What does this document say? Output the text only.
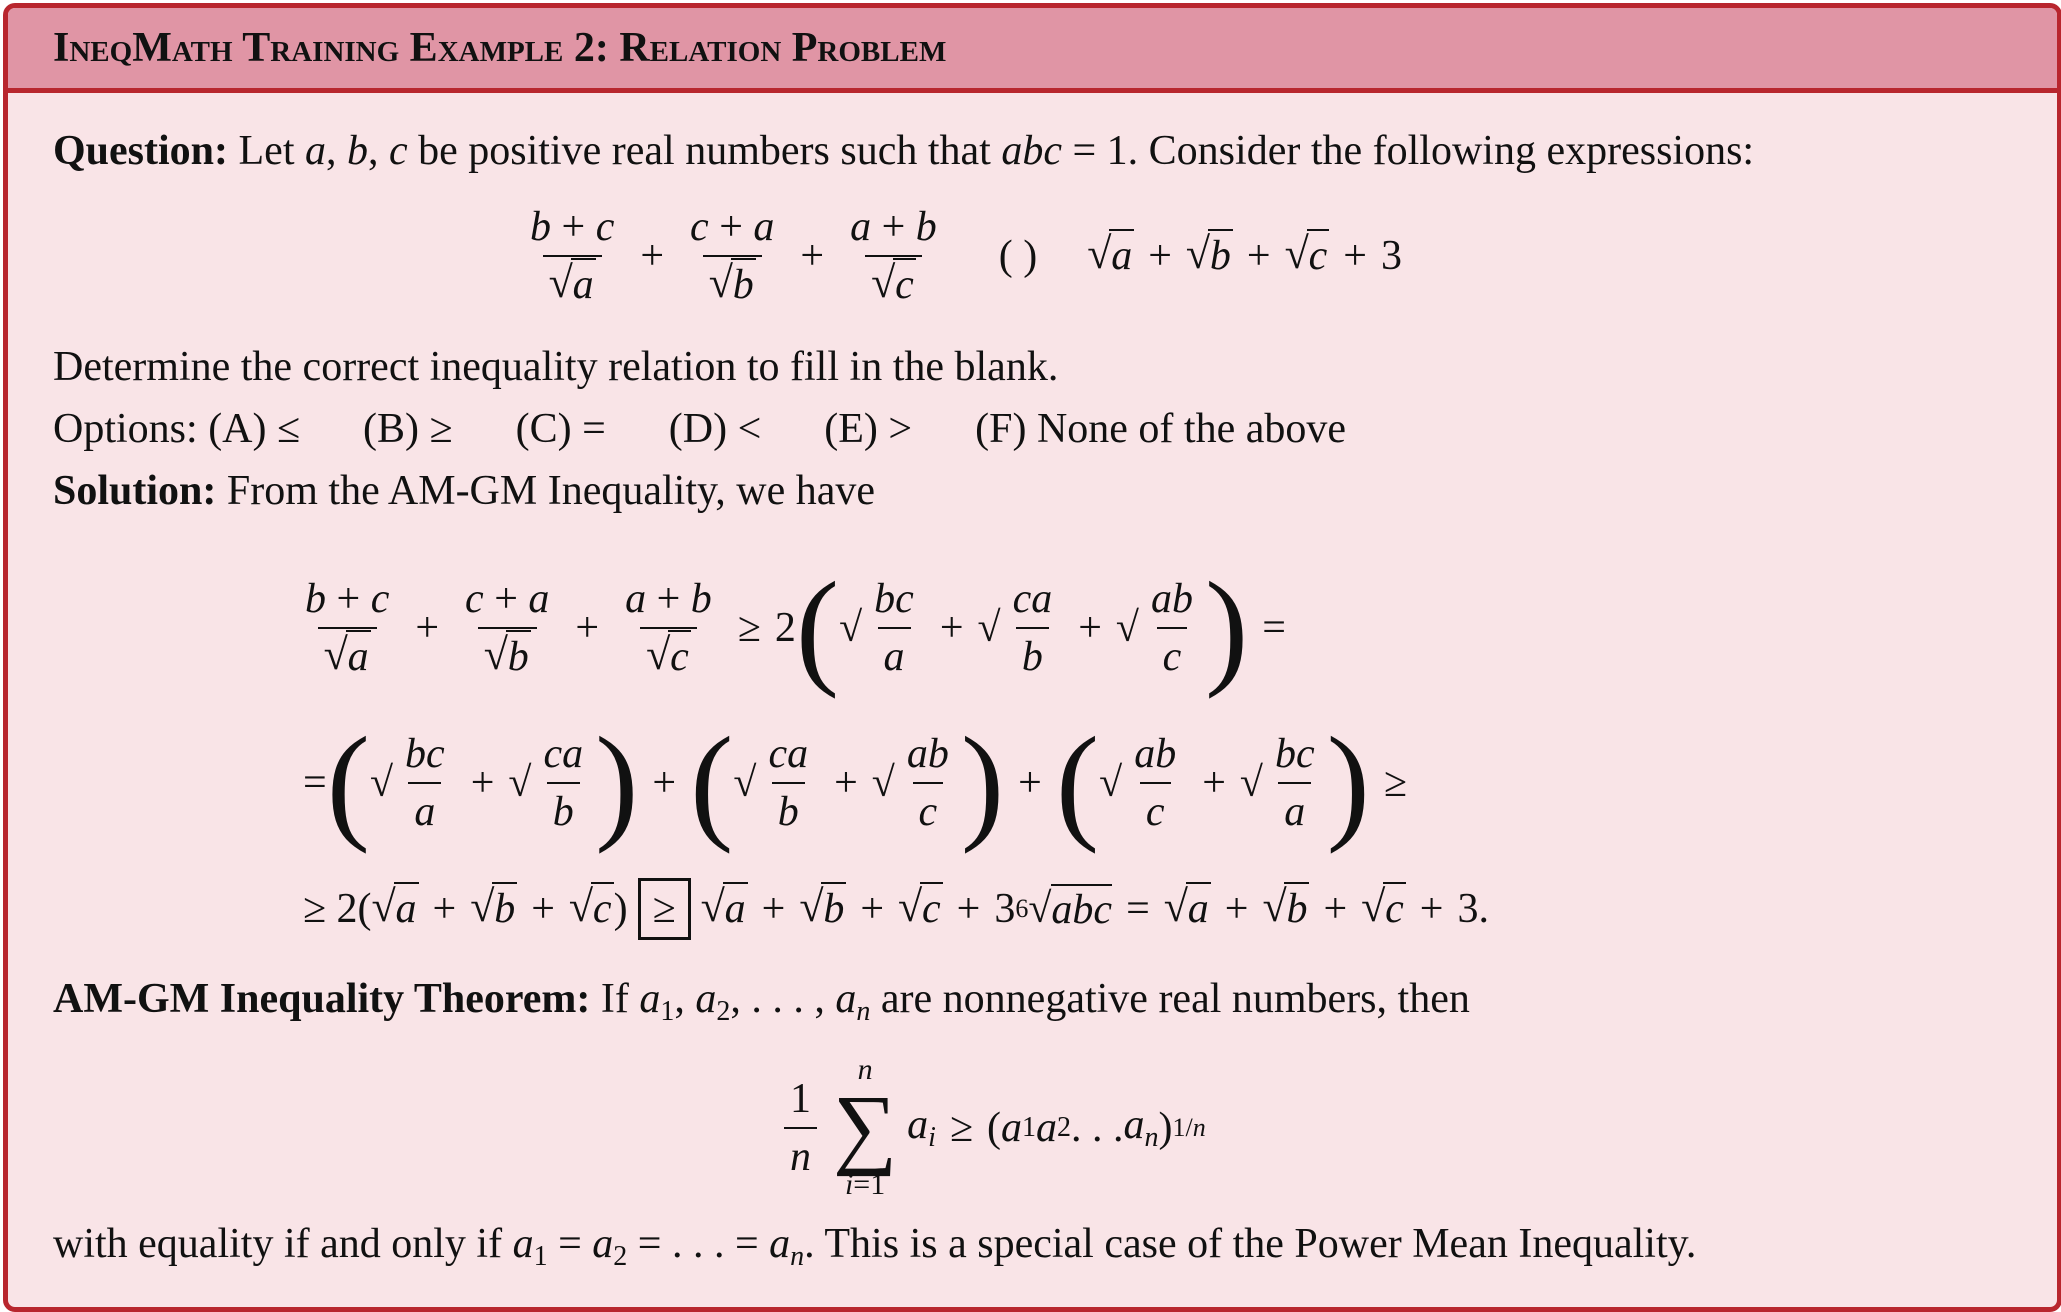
IneqMath Training Example 2: Relation Problem
Question: Let a, b, c be positive real numbers such that abc = 1. Consider the following expressions:
$\frac{b + c}{√ a} + \frac{c + a}{√ b} + \frac{a + b}{√ c}$ ( ) √ a + √ b + √ c + 3
Determine the correct inequality relation to fill in the blank.
Options: (A) ≤ (B) ≥ (C) = (D) < (E) > (F) None of the above
Solution: From the AM-GM Inequality, we have
$\frac{b + c}{√ a} + \frac{c + a}{√ b} + \frac{a + b}{√ c} \ge 2$ ( √ $\frac{bc}{a}$ + √ $\frac{ca}{b}$ + √ $\frac{ab}{c}$ ) =
= ( √ $\frac{bc}{a}$ + √ $\frac{ca}{b}$ ) + ( √ $\frac{ca}{b}$ + √ $\frac{ab}{c}$ ) + ( √ $\frac{ab}{c}$ + √ $\frac{bc}{a}$ ) ≥
≥ 2( √ a + √ b + √ c ) ≥ √ a + √ b + √ c + 3 6 √ abc = √ a + √ b + √ c + 3.
AM-GM Inequality Theorem: If $a_1$, $a_2$, . . . , $a_n$ are nonnegative real numbers, then
$\frac{1}{n}$
n
∑
i=1
$a_i$ ≥ ( a 1 a 2 . . . $a_n$ ) 1/n
with equality if and only if $a_1 = a_2$ = . . . = $a_n$. This is a special case of the Power Mean Inequality.
